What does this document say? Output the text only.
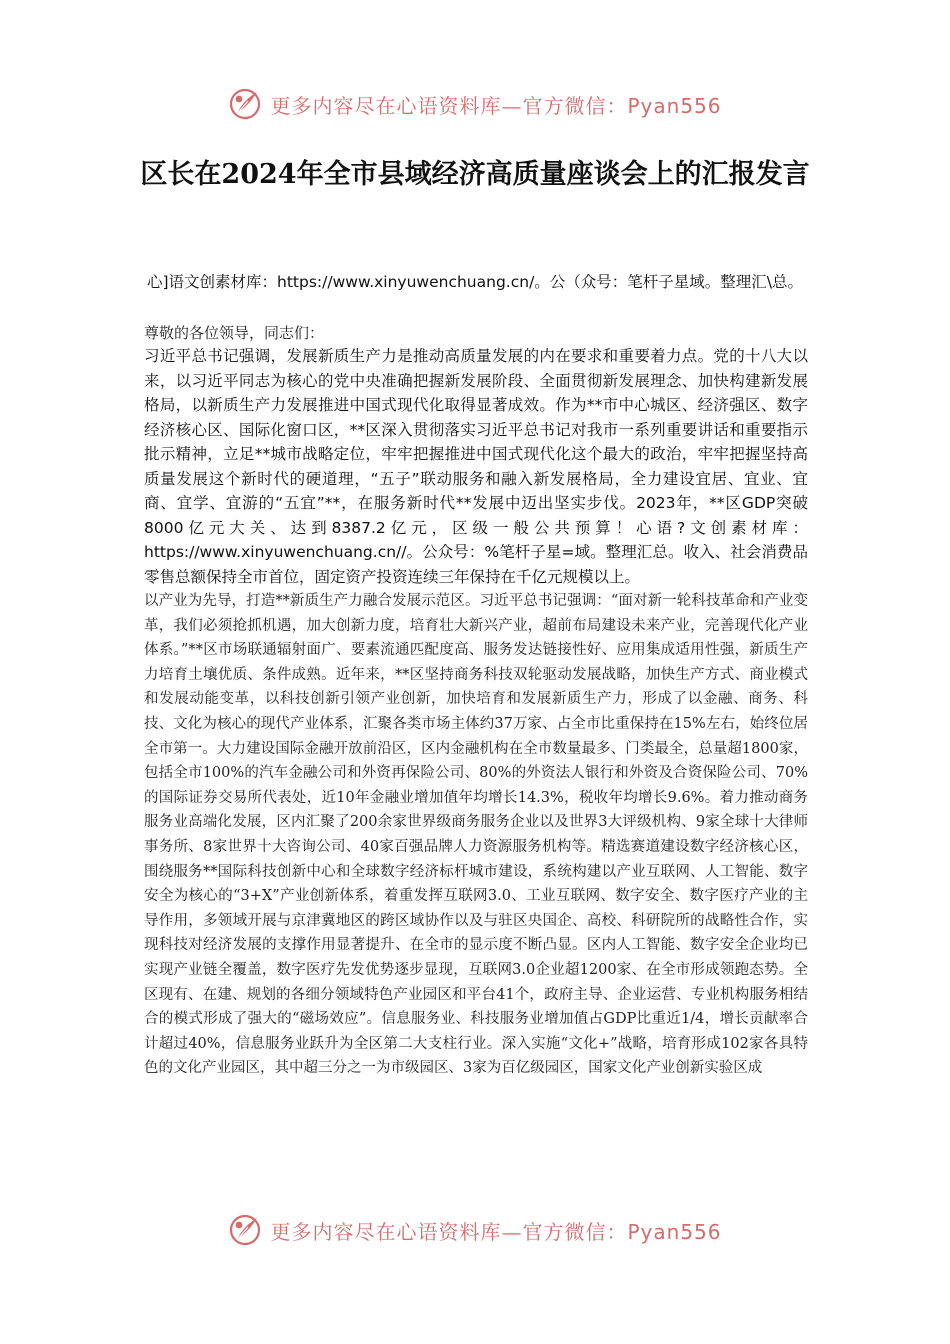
更多内容尽在心语资料库—官方微信：Pyan556
区长在2024年全市县域经济高质量座谈会上的汇报发言
心]语文创素材库：https://www.xinyuwenchuang.cn/。公（众号：笔杆子星域。整理汇\总。

尊敬的各位领导，同志们：

习近平总书记强调，发展新质生产力是推动高质量发展的内在要求和重要着力点。党的十八大以来，以习近平同志为核心的党中央准确把握新发展阶段、全面贯彻新发展理念、加快构建新发展格局，以新质生产力发展推进中国式现代化取得显著成效。作为**市中心城区、经济强区、数字经济核心区、国际化窗口区，**区深入贯彻落实习近平总书记对我市一系列重要讲话和重要指示批示精神，立足**城市战略定位，牢牢把握推进中国式现代化这个最大的政治，牢牢把握坚持高质量发展这个新时代的硬道理，“五子”联动服务和融入新发展格局，全力建设宜居、宜业、宜商、宜学、宜游的“五宜”**，在服务新时代**发展中迈出坚实步伐。2023年，**区GDP突破8000亿元大关、达到8387.2亿元，区级一般公共预算！心语?文创素材库：https://www.xinyuwenchuang.cn//。公众号：%笔杆子星=域。整理汇总。收入、社会消费品零售总额保持全市首位，固定资产投资连续三年保持在千亿元规模以上。

以产业为先导，打造**新质生产力融合发展示范区。习近平总书记强调：“面对新一轮科技革命和产业变革，我们必须抢抓机遇，加大创新力度，培育壮大新兴产业，超前布局建设未来产业，完善现代化产业体系。”**区市场联通辐射面广、要素流通匹配度高、服务发达链接性好、应用集成适用性强，新质生产力培育土壤优质、条件成熟。近年来，**区坚持商务科技双轮驱动发展战略，加快生产方式、商业模式和发展动能变革，以科技创新引领产业创新，加快培育和发展新质生产力，形成了以金融、商务、科技、文化为核心的现代产业体系，汇聚各类市场主体约37万家、占全市比重保持在15%左右，始终位居全市第一。大力建设国际金融开放前沿区，区内金融机构在全市数量最多、门类最全，总量超1800家，包括全市100%的汽车金融公司和外资再保险公司、80%的外资法人银行和外资及合资保险公司、70%的国际证券交易所代表处，近10年金融业增加值年均增长14.3%，税收年均增长9.6%。着力推动商务服务业高端化发展，区内汇聚了200余家世界级商务服务企业以及世界3大评级机构、9家全球十大律师事务所、8家世界十大咨询公司、40家百强品牌人力资源服务机构等。精选赛道建设数字经济核心区，围绕服务**国际科技创新中心和全球数字经济标杆城市建设，系统构建以产业互联网、人工智能、数字安全为核心的“3+X”产业创新体系，着重发挥互联网3.0、工业互联网、数字安全、数字医疗产业的主导作用，多领域开展与京津冀地区的跨区域协作以及与驻区央国企、高校、科研院所的战略性合作，实现科技对经济发展的支撑作用显著提升、在全市的显示度不断凸显。区内人工智能、数字安全企业均已实现产业链全覆盖，数字医疗先发优势逐步显现，互联网3.0企业超1200家、在全市形成领跑态势。全区现有、在建、规划的各细分领域特色产业园区和平台41个，政府主导、企业运营、专业机构服务相结合的模式形成了强大的“磁场效应”。信息服务业、科技服务业增加值占GDP比重近1/4，增长贡献率合计超过40%，信息服务业跃升为全区第二大支柱行业。深入实施“文化+”战略，培育形成102家各具特色的文化产业园区，其中超三分之一为市级园区、3家为百亿级园区，国家文化产业创新实验区成

更多内容尽在心语资料库—官方微信：Pyan556
